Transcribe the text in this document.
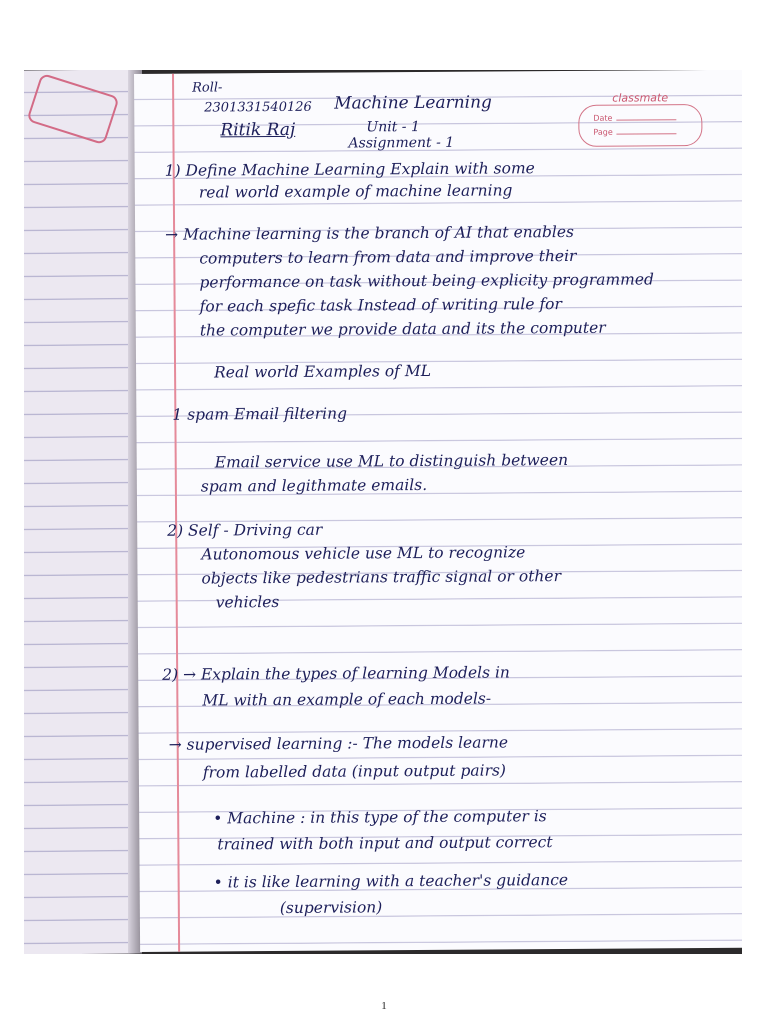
classmate
Date
Page
Roll-
2301331540126 Machine Learning
Ritik Raj	Unit - 1
Assignment - 1
1) Define Machine Learning Explain with some
real world example of machine learning
→ Machine learning is the branch of AI that enables
computers to learn from data and improve their
performance on task without being explicity programmed
for each spefic task Instead of writing rule for
the computer we provide data and its the computer
Real world Examples of ML
1 spam Email filtering
Email service use ML to distinguish between
spam and legithmate emails.
2) Self - Driving car
Autonomous vehicle use ML to recognize
objects like pedestrians traffic signal or other
vehicles
2) → Explain the types of learning Models in
ML with an example of each models-
→ supervised learning :- The models learne
from labelled data (input output pairs)
• Machine : in this type of the computer is
trained with both input and output correct
• it is like learning with a teacher's guidance
(supervision)
1
